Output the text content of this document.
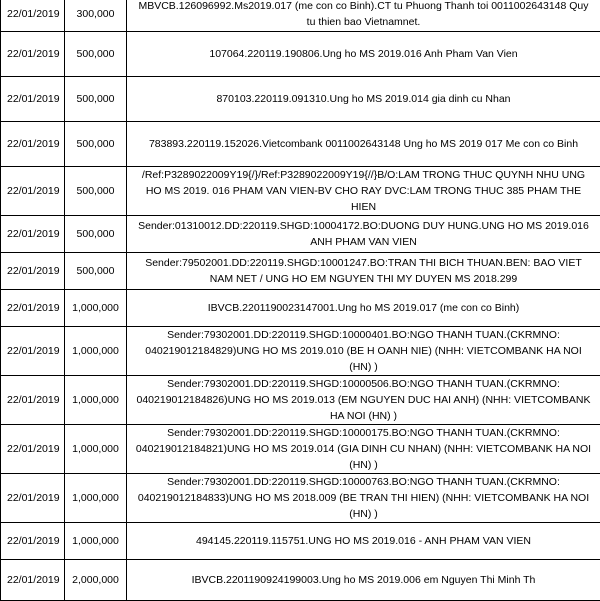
22/01/2019	300,000	MBVCB.126096992.Ms2019.017 (me con co Binh).CT tu Phuong Thanh toi 0011002643148 Quy tu thien bao Vietnamnet.
22/01/2019	500,000	107064.220119.190806.Ung ho MS 2019.016 Anh Pham Van Vien
22/01/2019	500,000	870103.220119.091310.Ung ho MS 2019.014 gia dinh cu Nhan
22/01/2019	500,000	783893.220119.152026.Vietcombank 0011002643148 Ung ho MS 2019 017 Me con co Binh
22/01/2019	500,000	/Ref:P3289022009Y19{/}/Ref:P3289022009Y19{//}B/O:LAM TRONG THUC QUYNH NHU UNG HO MS 2019. 016 PHAM VAN VIEN-BV CHO RAY DVC:LAM TRONG THUC 385 PHAM THE HIEN
22/01/2019	500,000	Sender:01310012.DD:220119.SHGD:10004172.BO:DUONG DUY HUNG.UNG HO MS 2019.016 ANH PHAM VAN VIEN
22/01/2019	500,000	Sender:79502001.DD:220119.SHGD:10001247.BO:TRAN THI BICH THUAN.BEN: BAO VIET NAM NET / UNG HO EM NGUYEN THI MY DUYEN MS 2018.299
22/01/2019	1,000,000	IBVCB.2201190023147001.Ung ho MS 2019.017 (me con co Binh)
22/01/2019	1,000,000	Sender:79302001.DD:220119.SHGD:10000401.BO:NGO THANH TUAN.(CKRMNO: 040219012184829)UNG HO MS 2019.010 (BE H OANH NIE) (NHH: VIETCOMBANK HA NOI (HN) )
22/01/2019	1,000,000	Sender:79302001.DD:220119.SHGD:10000506.BO:NGO THANH TUAN.(CKRMNO: 040219012184826)UNG HO MS 2019.013 (EM NGUYEN DUC HAI ANH) (NHH: VIETCOMBANK HA NOI (HN) )
22/01/2019	1,000,000	Sender:79302001.DD:220119.SHGD:10000175.BO:NGO THANH TUAN.(CKRMNO: 040219012184821)UNG HO MS 2019.014 (GIA DINH CU NHAN) (NHH: VIETCOMBANK HA NOI (HN) )
22/01/2019	1,000,000	Sender:79302001.DD:220119.SHGD:10000763.BO:NGO THANH TUAN.(CKRMNO: 040219012184833)UNG HO MS 2018.009 (BE TRAN THI HIEN) (NHH: VIETCOMBANK HA NOI (HN) )
22/01/2019	1,000,000	494145.220119.115751.UNG HO MS 2019.016 - ANH PHAM VAN VIEN
22/01/2019	2,000,000	IBVCB.2201190924199003.Ung ho MS 2019.006 em Nguyen Thi Minh Th
